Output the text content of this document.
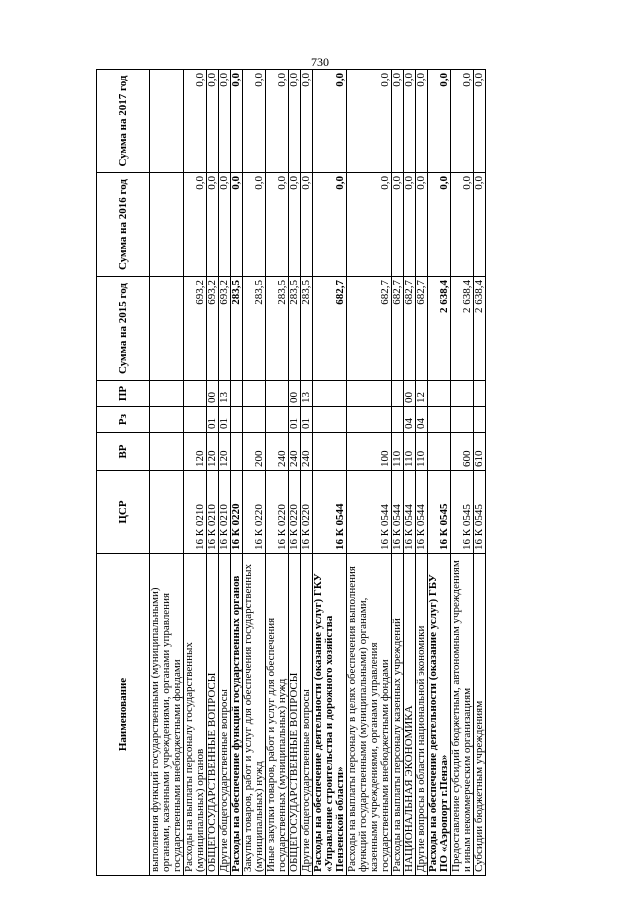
730
Наименование	ЦСР	ВР	Рз	ПР	Сумма на 2015 год	Сумма на 2016 год	Сумма на 2017 год
выполнения функций государственными (муниципальными) органами, казенными учреждениями, органами управления государственными внебюджетными фондами							
Расходы на выплаты персоналу государственных (муниципальных) органов	16 К 0210	120			693,2	0,0	0,0
ОБЩЕГОСУДАРСТВЕННЫЕ ВОПРОСЫ	16 К 0210	120	01	00	693,2	0,0	0,0
Другие общегосударственные вопросы	16 К 0210	120	01	13	693,2	0,0	0,0
Расходы на обеспечение функций государственных органов	16 К 0220				283,5	0,0	0,0
Закупка товаров, работ и услуг для обеспечения государственных (муниципальных) нужд	16 К 0220	200			283,5	0,0	0,0
Иные закупки товаров, работ и услуг для обеспечения государственных (муниципальных) нужд	16 К 0220	240			283,5	0,0	0,0
ОБЩЕГОСУДАРСТВЕННЫЕ ВОПРОСЫ	16 К 0220	240	01	00	283,5	0,0	0,0
Другие общегосударственные вопросы	16 К 0220	240	01	13	283,5	0,0	0,0
Расходы на обеспечение деятельности (оказание услуг) ГКУ «Управление строительства и дорожного хозяйства Пензенской области»	16 К 0544				682,7	0,0	0,0
Расходы на выплаты персоналу в целях обеспечения выполнения функций государственными (муниципальными) органами, казенными учреждениями, органами управления государственными внебюджетными фондами	16 К 0544	100			682,7	0,0	0,0
Расходы на выплаты персоналу казенных учреждений	16 К 0544	110			682,7	0,0	0,0
НАЦИОНАЛЬНАЯ ЭКОНОМИКА	16 К 0544	110	04	00	682,7	0,0	0,0
Другие вопросы в области национальной экономики	16 К 0544	110	04	12	682,7	0,0	0,0
Расходы на обеспечение деятельности (оказание услуг) ГБУ ПО «Аэропорт г.Пенза»	16 К 0545				2 638,4	0,0	0,0
Предоставление субсидий бюджетным, автономным учреждениям и иным некоммерческим организациям	16 К 0545	600			2 638,4	0,0	0,0
Субсидии бюджетным учреждениям	16 К 0545	610			2 638,4	0,0	0,0
